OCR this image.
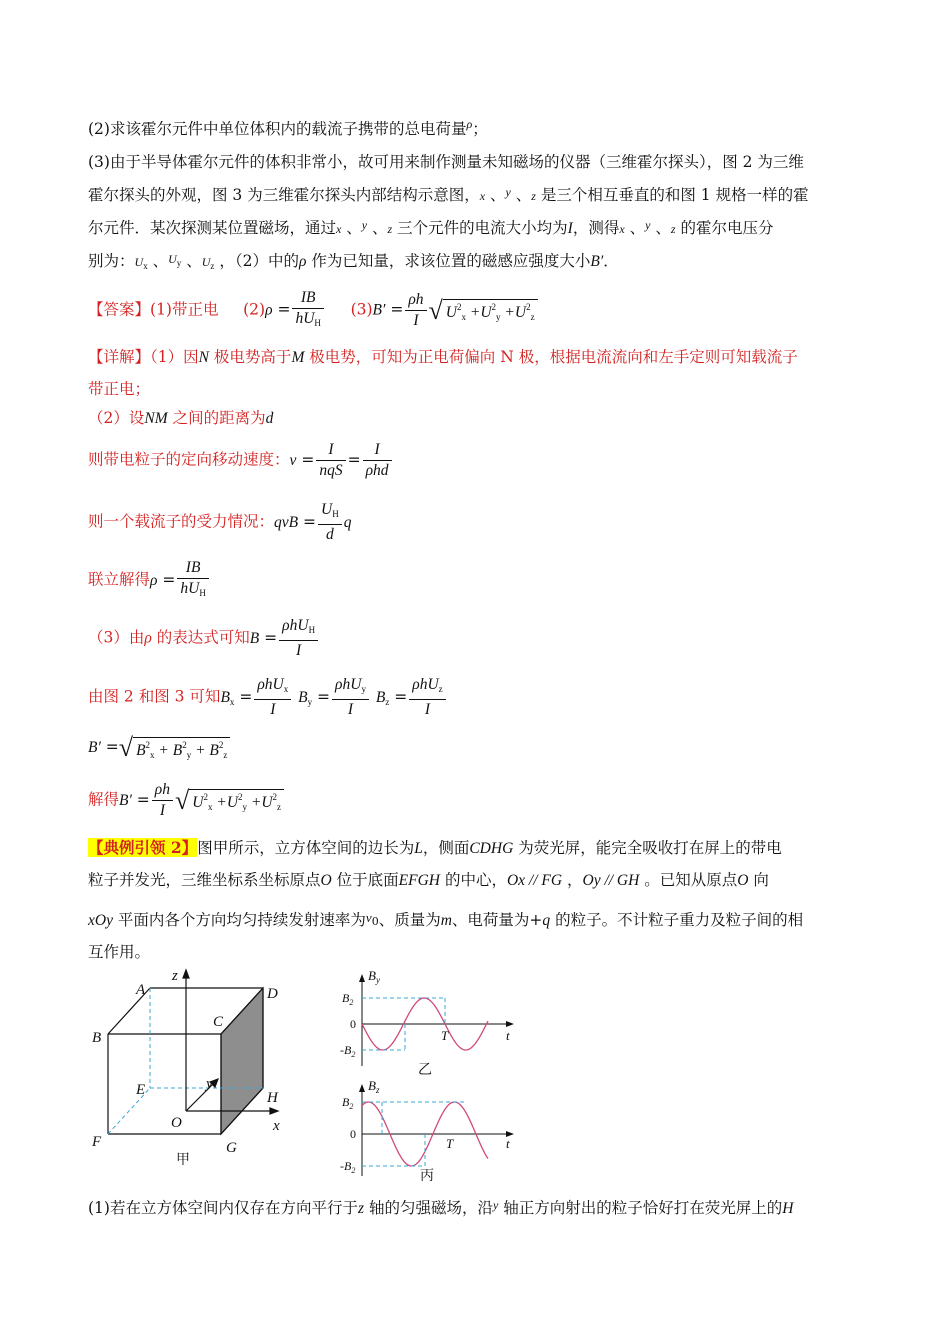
(2)求该霍尔元件中单位体积内的载流子携带的总电荷量$^\rho$；
(3)由于半导体霍尔元件的体积非常小，故可用来制作测量未知磁场的仪器（三维霍尔探头），图 2 为三维
霍尔探头的外观，图 3 为三维霍尔探头内部结构示意图，x 、$^y$ 、z 是三个相互垂直的和图 1 规格一样的霍
尔元件．某次探测某位置磁场，通过x 、$^y$ 、z 三个元件的电流大小均为I，测得x 、$^y$ 、z 的霍尔电压分
别为：$U_x$ 、$U_y$ 、$U_z$ ，（2）中的ρ 作为已知量，求该位置的磁感应强度大小B′．
【答案】(1)带正电 $(2)\rho = \frac{IB}{hU_H} (3)B' = \frac{\rho h}{I}$ √ $U^2_x +U^2_y +U^2_z$
【详解】（1）因N 极电势高于M 极电势，可知为正电荷偏向 N 极，根据电流流向和左手定则可知载流子
带正电；
（2）设NM 之间的距离为d
则带电粒子的定向移动速度：$v = \frac{I}{\text{nqS}} = \frac{I}{\text{ρhd}}$
则一个载流子的受力情况：qvB = $\frac{U_H}{d}$ q
联立解得$\rho = \frac{IB}{hU_H}$
（3）由ρ 的表达式可知$B = \frac{\rho hU_H}{I}$
由图 2 和图 3 可知$B_x = \frac{\rho hU_x}{I} B_y = \frac{\rho hU_y}{I} B_z = \frac{\rho hU_z}{I}$
B′ =√ $B^2_x + B^2_y + B^2_z$
解得$B' = \frac{\rho h}{I}$ √ $U^2_x +U^2_y +U^2_z$
【典例引领 2】图甲所示，立方体空间的边长为L，侧面CDHG 为荧光屏，能完全吸收打在屏上的带电
粒子并发光，三维坐标系坐标原点O 位于底面EFGH 的中心，Ox // FG ，Oy // GH 。已知从原点O 向
xOy 平面内各个方向均匀持续发射速率为v0、质量为m、电荷量为+q 的粒子。不计粒子重力及粒子间的相
互作用。
A
B
C
D
E
F	G
H
O	x
y
z
甲
$B_y$
$B_2$
0
$-B_2$
T	t
乙
$B_z$
$B_2$
0
$-B_2$
T	t
丙
(1)若在立方体空间内仅存在方向平行于z 轴的匀强磁场，沿$^y$ 轴正方向射出的粒子恰好打在荧光屏上的H
